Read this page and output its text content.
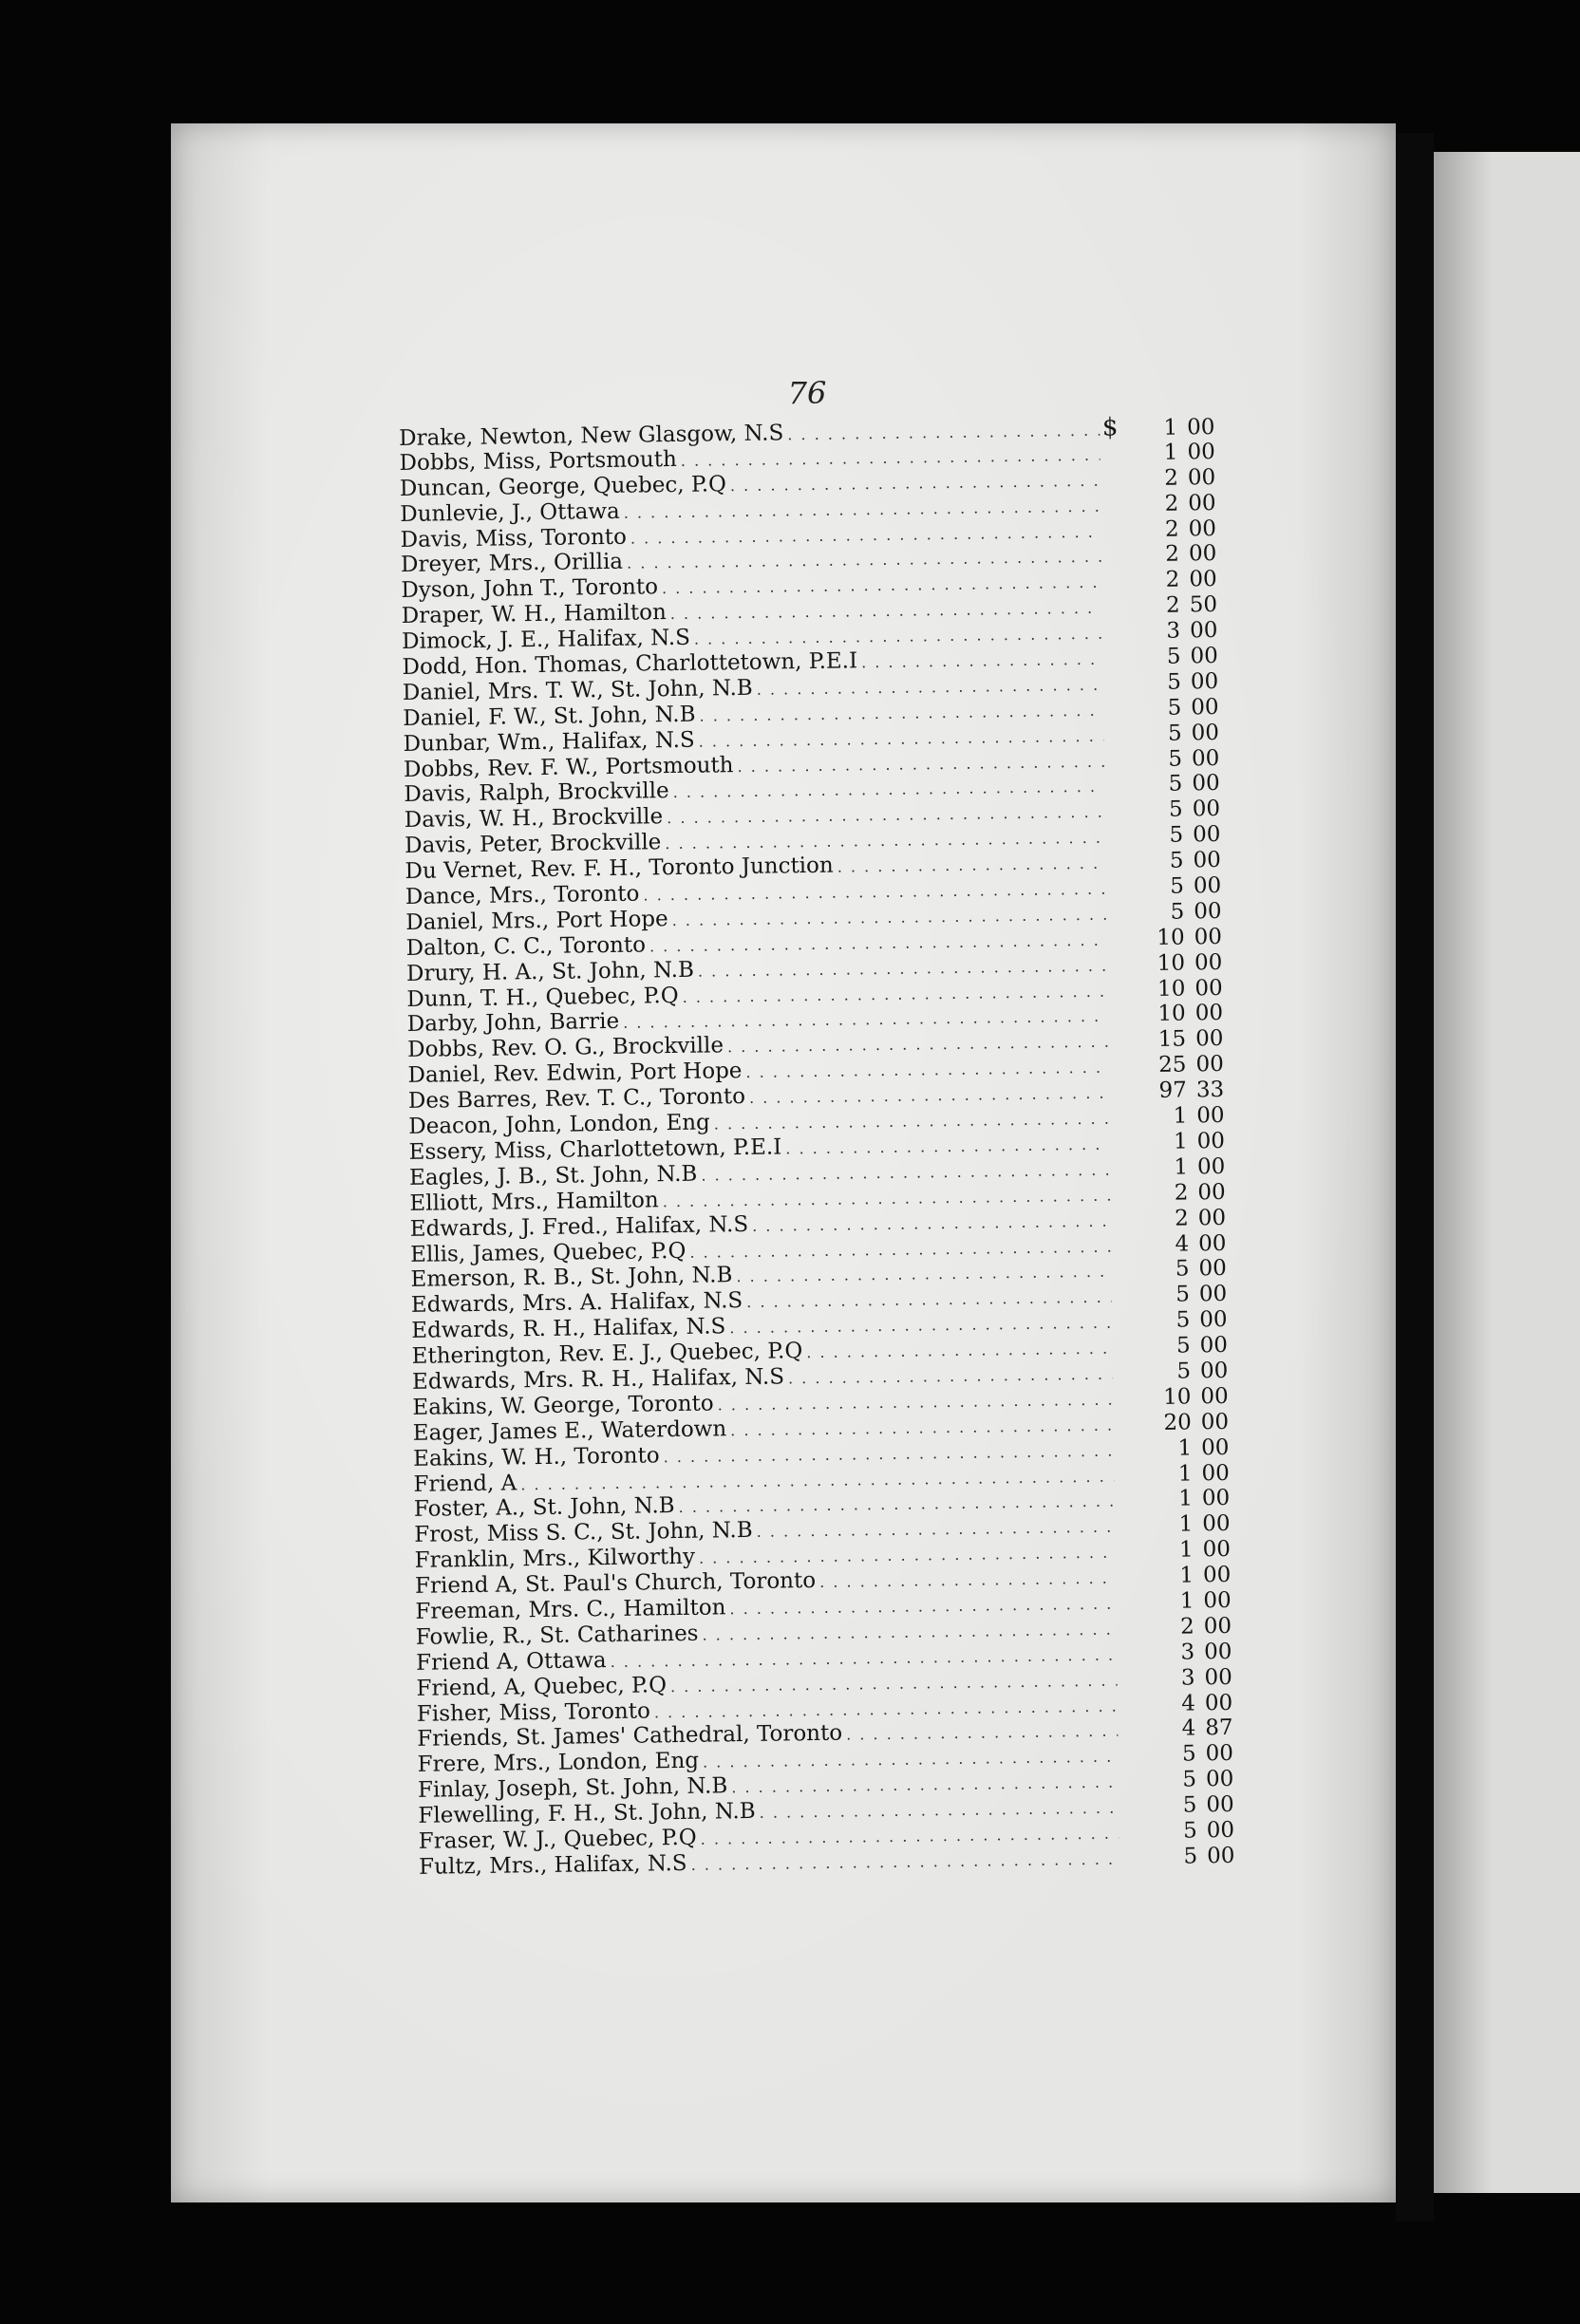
76
Drake, Newton, New Glasgow, N.S . . .	$	1 00
Dobbs, Miss, Portsmouth . . .	1 00
Duncan, George, Quebec, P.Q . . .	2 00
Dunlevie, J., Ottawa . . .	2 00
Davis, Miss, Toronto . . .	2 00
Dreyer, Mrs., Orillia . . .	2 00
Dyson, John T., Toronto . . .	2 00
Draper, W. H., Hamilton . . .	2 50
Dimock, J. E., Halifax, N.S . . .	3 00
Dodd, Hon. Thomas, Charlottetown, P.E.I . . .	5 00
Daniel, Mrs. T. W., St. John, N.B . . .	5 00
Daniel, F. W., St. John, N.B . . .	5 00
Dunbar, Wm., Halifax, N.S . . .	5 00
Dobbs, Rev. F. W., Portsmouth . . .	5 00
Davis, Ralph, Brockville . . .	5 00
Davis, W. H., Brockville . . .	5 00
Davis, Peter, Brockville . . .	5 00
Du Vernet, Rev. F. H., Toronto Junction . . .	5 00
Dance, Mrs., Toronto . . .	5 00
Daniel, Mrs., Port Hope . . .	5 00
Dalton, C. C., Toronto . . .	10 00
Drury, H. A., St. John, N.B . . .	10 00
Dunn, T. H., Quebec, P.Q . . .	10 00
Darby, John, Barrie . . .	10 00
Dobbs, Rev. O. G., Brockville . . .	15 00
Daniel, Rev. Edwin, Port Hope . . .	25 00
Des Barres, Rev. T. C., Toronto . . .	97 33
Deacon, John, London, Eng . . .	1 00
Essery, Miss, Charlottetown, P.E.I . . .	1 00
Eagles, J. B., St. John, N.B . . .	1 00
Elliott, Mrs., Hamilton . . .	2 00
Edwards, J. Fred., Halifax, N.S . . .	2 00
Ellis, James, Quebec, P.Q . . .	4 00
Emerson, R. B., St. John, N.B . . .	5 00
Edwards, Mrs. A. Halifax, N.S . . .	5 00
Edwards, R. H., Halifax, N.S . . .	5 00
Etherington, Rev. E. J., Quebec, P.Q . . .	5 00
Edwards, Mrs. R. H., Halifax, N.S . . .	5 00
Eakins, W. George, Toronto . . .	10 00
Eager, James E., Waterdown . . .	20 00
Eakins, W. H., Toronto . . .	1 00
Friend, A . . .	1 00
Foster, A., St. John, N.B . . .	1 00
Frost, Miss S. C., St. John, N.B . . .	1 00
Franklin, Mrs., Kilworthy . . .	1 00
Friend A, St. Paul's Church, Toronto . . .	1 00
Freeman, Mrs. C., Hamilton . . .	1 00
Fowlie, R., St. Catharines . . .	2 00
Friend A, Ottawa . . .	3 00
Friend, A, Quebec, P.Q . . .	3 00
Fisher, Miss, Toronto . . .	4 00
Friends, St. James' Cathedral, Toronto . . .	4 87
Frere, Mrs., London, Eng . . .	5 00
Finlay, Joseph, St. John, N.B . . .	5 00
Flewelling, F. H., St. John, N.B . . .	5 00
Fraser, W. J., Quebec, P.Q . . .	5 00
Fultz, Mrs., Halifax, N.S . . .	5 00
